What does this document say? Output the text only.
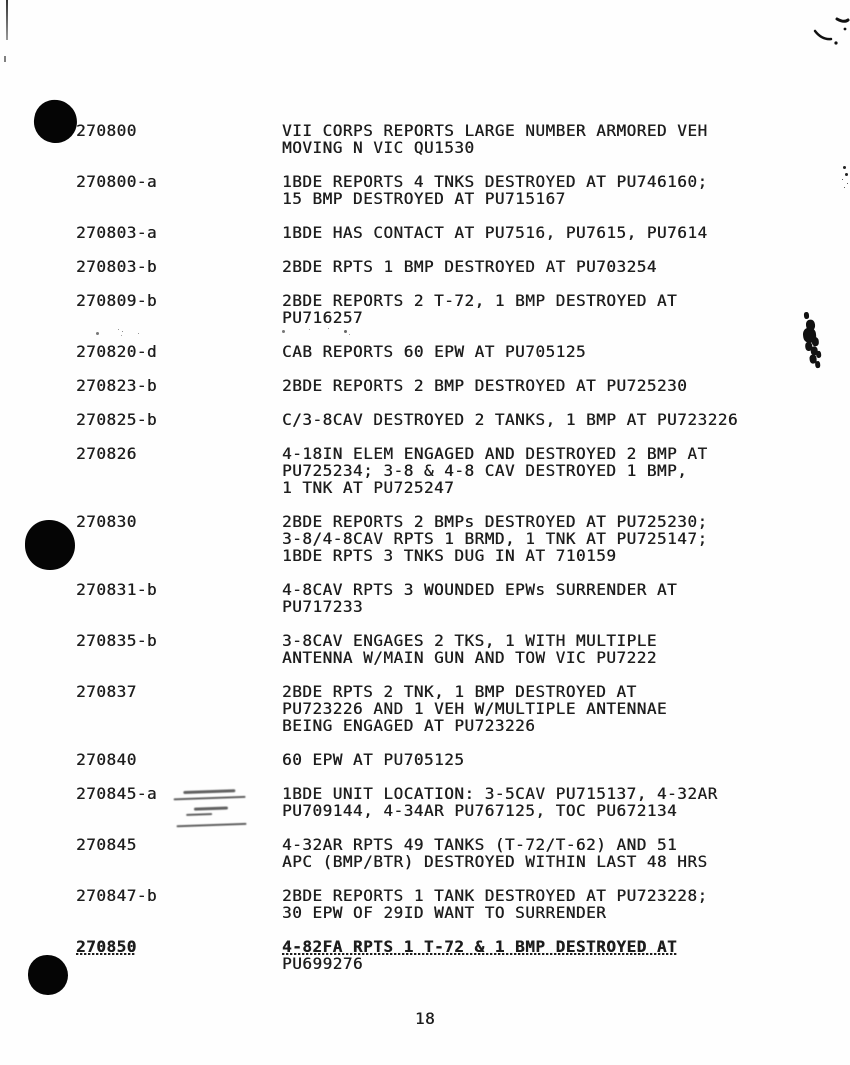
270800	VII CORPS REPORTS LARGE NUMBER ARMORED VEH
MOVING N VIC QU1530
270800-a	1BDE REPORTS 4 TNKS DESTROYED AT PU746160;
15 BMP DESTROYED AT PU715167
270803-a	1BDE HAS CONTACT AT PU7516, PU7615, PU7614
270803-b	2BDE RPTS 1 BMP DESTROYED AT PU703254
270809-b	2BDE REPORTS 2 T-72, 1 BMP DESTROYED AT
PU716257
270820-d	CAB REPORTS 60 EPW AT PU705125
270823-b	2BDE REPORTS 2 BMP DESTROYED AT PU725230
270825-b	C/3-8CAV DESTROYED 2 TANKS, 1 BMP AT PU723226
270826	4-18IN ELEM ENGAGED AND DESTROYED 2 BMP AT
PU725234; 3-8 & 4-8 CAV DESTROYED 1 BMP,
1 TNK AT PU725247
270830	2BDE REPORTS 2 BMPs DESTROYED AT PU725230;
3-8/4-8CAV RPTS 1 BRMD, 1 TNK AT PU725147;
1BDE RPTS 3 TNKS DUG IN AT 710159
270831-b	4-8CAV RPTS 3 WOUNDED EPWs SURRENDER AT
PU717233
270835-b	3-8CAV ENGAGES 2 TKS, 1 WITH MULTIPLE
ANTENNA W/MAIN GUN AND TOW VIC PU7222
270837	2BDE RPTS 2 TNK, 1 BMP DESTROYED AT
PU723226 AND 1 VEH W/MULTIPLE ANTENNAE
BEING ENGAGED AT PU723226
270840	60 EPW AT PU705125
270845-a	1BDE UNIT LOCATION: 3-5CAV PU715137, 4-32AR
PU709144, 4-34AR PU767125, TOC PU672134
270845	4-32AR RPTS 49 TANKS (T-72/T-62) AND 51
APC (BMP/BTR) DESTROYED WITHIN LAST 48 HRS
270847-b	2BDE REPORTS 1 TANK DESTROYED AT PU723228;
30 EPW OF 29ID WANT TO SURRENDER
270850	4-82FA RPTS 1 T-72 & 1 BMP DESTROYED AT
PU699276
18
